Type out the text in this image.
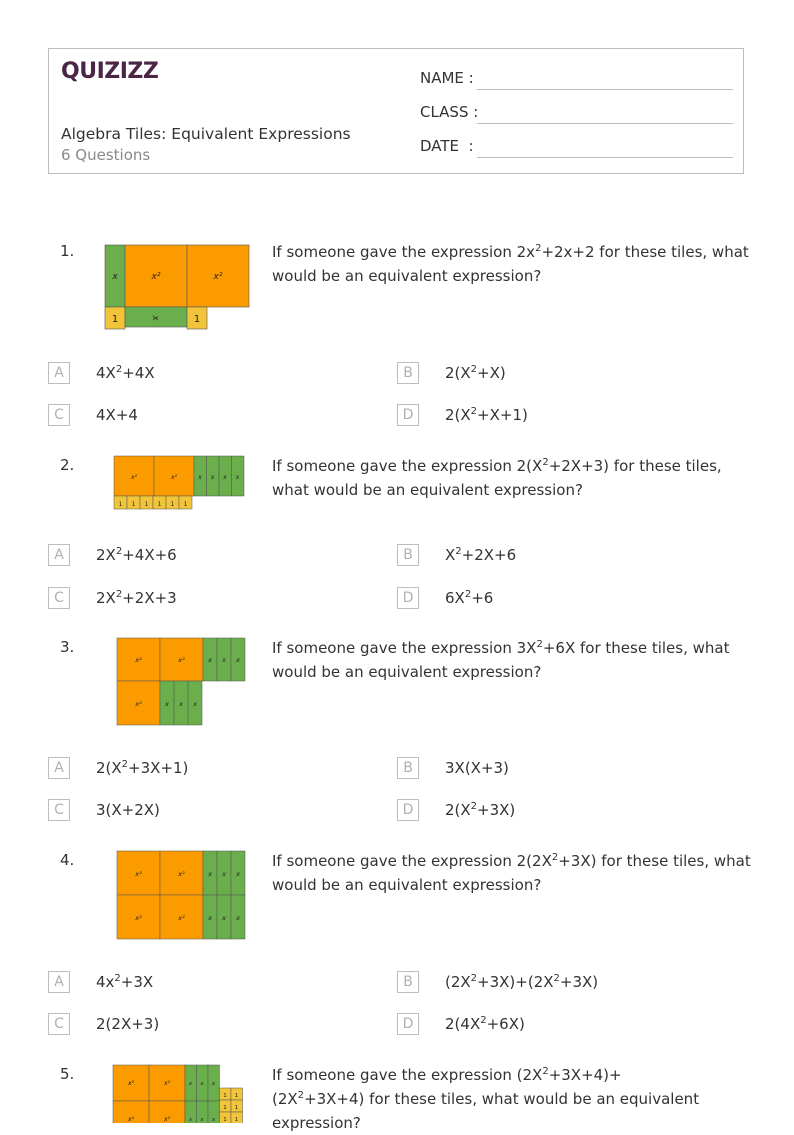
QUIZIZZ
Algebra Tiles: Equivalent Expressions
6 Questions
NAME :
CLASS :
DATE  :
1.	If someone gave the expression $2x^2+2x+2$ for these tiles, what would be an equivalent expression?
x	x²	x²
1	x	1
A	$4X^2+4X$	B	$2(X^2+X)$
C	4X+4	D	$2(X^2+X+1)$
2.	If someone gave the expression $2(X^2+2X+3)$ for these tiles, what would be an equivalent expression?
x²	x²	x x x x
1 1 1 1 1 1
A	$2X^2+4X+6$	B	$X^2+2X+6$
C	$2X^2+2X+3$	D	$6X^2+6$
3.	If someone gave the expression $3X^2+6X$ for these tiles, what would be an equivalent expression?
x²	x²	x x x
x²	x x x
A	$2(X^2+3X+1)$	B	3X(X+3)
C	3(X+2X)	D	$2(X^2+3X)$
4.	If someone gave the expression $2(2X^2+3X)$ for these tiles, what would be an equivalent expression?
x²	x²	x x x
x²	x²	x x x
A	$4x^2+3X$	B	$(2X^2+3X)+(2X^2+3X)$
C	2(2X+3)	D	$2(4X^2+6X)$
5.	If someone gave the expression $(2X^2+3X+4)+(2X^2+3X+4)$ for these tiles, what would be an equivalent expression?
x²	x²	x x x
x²	x²	x x x
1 1
1 1
1 1
